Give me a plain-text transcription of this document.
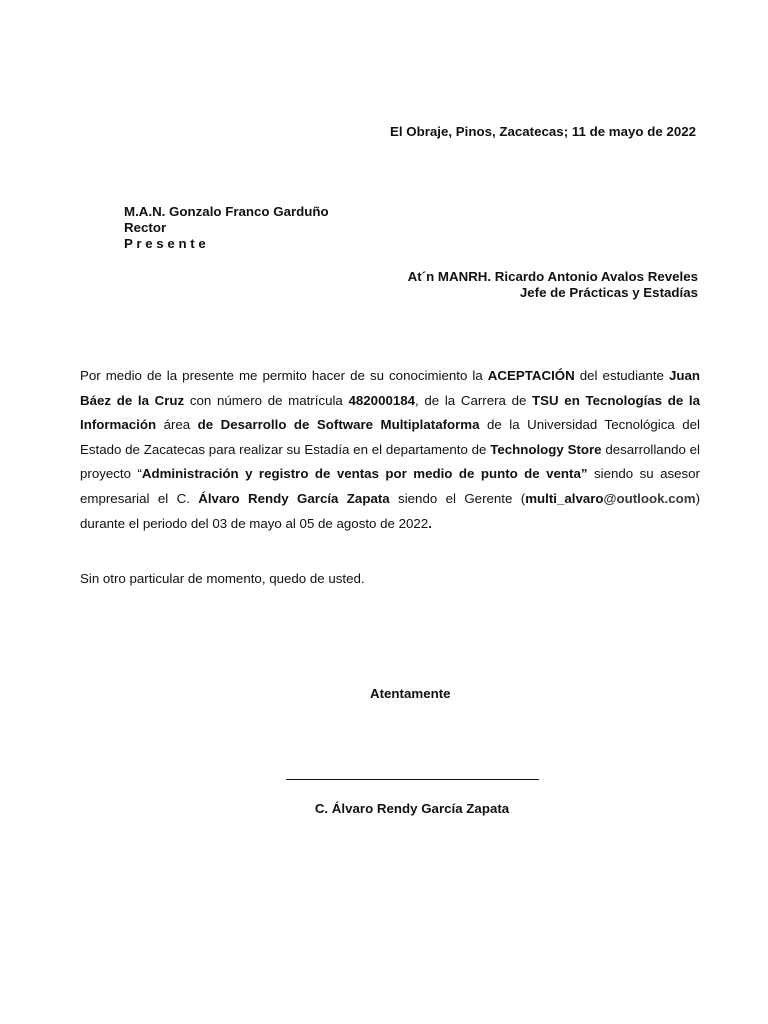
El Obraje, Pinos, Zacatecas; 11 de mayo de 2022
M.A.N. Gonzalo Franco Garduño
Rector
P r e s e n t e
At´n MANRH. Ricardo Antonio Avalos Reveles
Jefe de Prácticas y Estadías

Por medio de la presente me permito hacer de su conocimiento la ACEPTACIÓN del estudiante Juan Báez de la Cruz con número de matrícula 482000184, de la Carrera de TSU en Tecnologías de la Información área de Desarrollo de Software Multiplataforma de la Universidad Tecnológica del Estado de Zacatecas para realizar su Estadía en el departamento de Technology Store desarrollando el proyecto “Administración y registro de ventas por medio de punto de venta” siendo su asesor empresarial el C. Álvaro Rendy García Zapata siendo el Gerente (multi_alvaro@outlook.com) durante el periodo del 03 de mayo al 05 de agosto de 2022.

Sin otro particular de momento, quedo de usted.
Atentamente
C. Álvaro Rendy García Zapata
